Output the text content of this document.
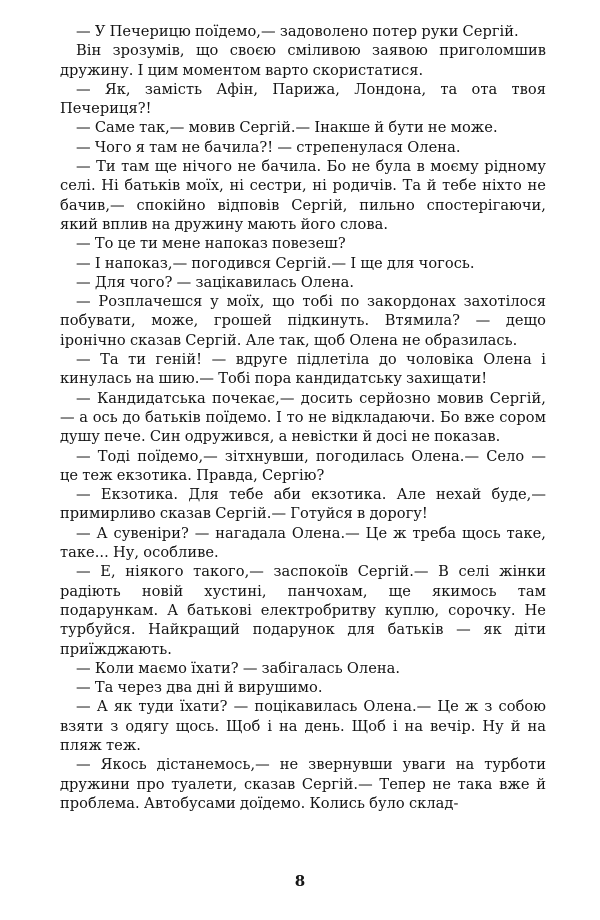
— У Печерицю поїдемо,— задоволено потер руки Сергій.

Він зрозумів, що своєю сміливою заявою приголомшив дружину. І цим моментом варто скористатися.

— Як, замість Афін, Парижа, Лондона, та ота твоя Печериця?!

— Саме так,— мовив Сергій.— Інакше й бути не може.

— Чого я там не бачила?! — стрепенулася Олена.

— Ти там ще нічого не бачила. Бо не була в моєму рідному селі. Ні батьків моїх, ні сестри, ні родичів. Та й тебе ніхто не бачив,— спокійно відповів Сергій, пильно спостерігаючи, який вплив на дружину мають його слова.

— То це ти мене напоказ повезеш?

— І напоказ,— погодився Сергій.— І ще для чогось.

— Для чого? — зацікавилась Олена.

— Розплачешся у моїх, що тобі по закордонах захотілося побувати, може, грошей підкинуть. Втямила? — дещо іронічно сказав Сергій. Але так, щоб Олена не образилась.

— Та ти геній! — вдруге підлетіла до чоловіка Олена і кинулась на шию.— Тобі пора кандидатську захищати!

— Кандидатська почекає,— досить серйозно мовив Сергій,— а ось до батьків поїдемо. І то не відкладаючи. Бо вже сором душу пече. Син одружився, а невістки й досі не показав.

— Тоді поїдемо,— зітхнувши, погодилась Олена.— Село — це теж екзотика. Правда, Сергію?

— Екзотика. Для тебе аби екзотика. Але нехай буде,— примирливо сказав Сергій.— Готуйся в дорогу!

— А сувеніри? — нагадала Олена.— Це ж треба щось таке, таке... Ну, особливе.

— Е, ніякого такого,— заспокоїв Сергій.— В селі жінки радіють новій хустині, панчохам, ще якимось там подарункам. А батькові електробритву куплю, сорочку. Не турбуйся. Найкращий подарунок для батьків — як діти приїжджають.

— Коли маємо їхати? — забігалась Олена.

— Та через два дні й вирушимо.

— А як туди їхати? — поцікавилась Олена.— Це ж з собою взяти з одягу щось. Щоб і на день. Щоб і на вечір. Ну й на пляж теж.

— Якось дістанемось,— не звернувши уваги на турботи дружини про туалети, сказав Сергій.— Тепер не така вже й проблема. Автобусами доїдемо. Колись було склад-

8
